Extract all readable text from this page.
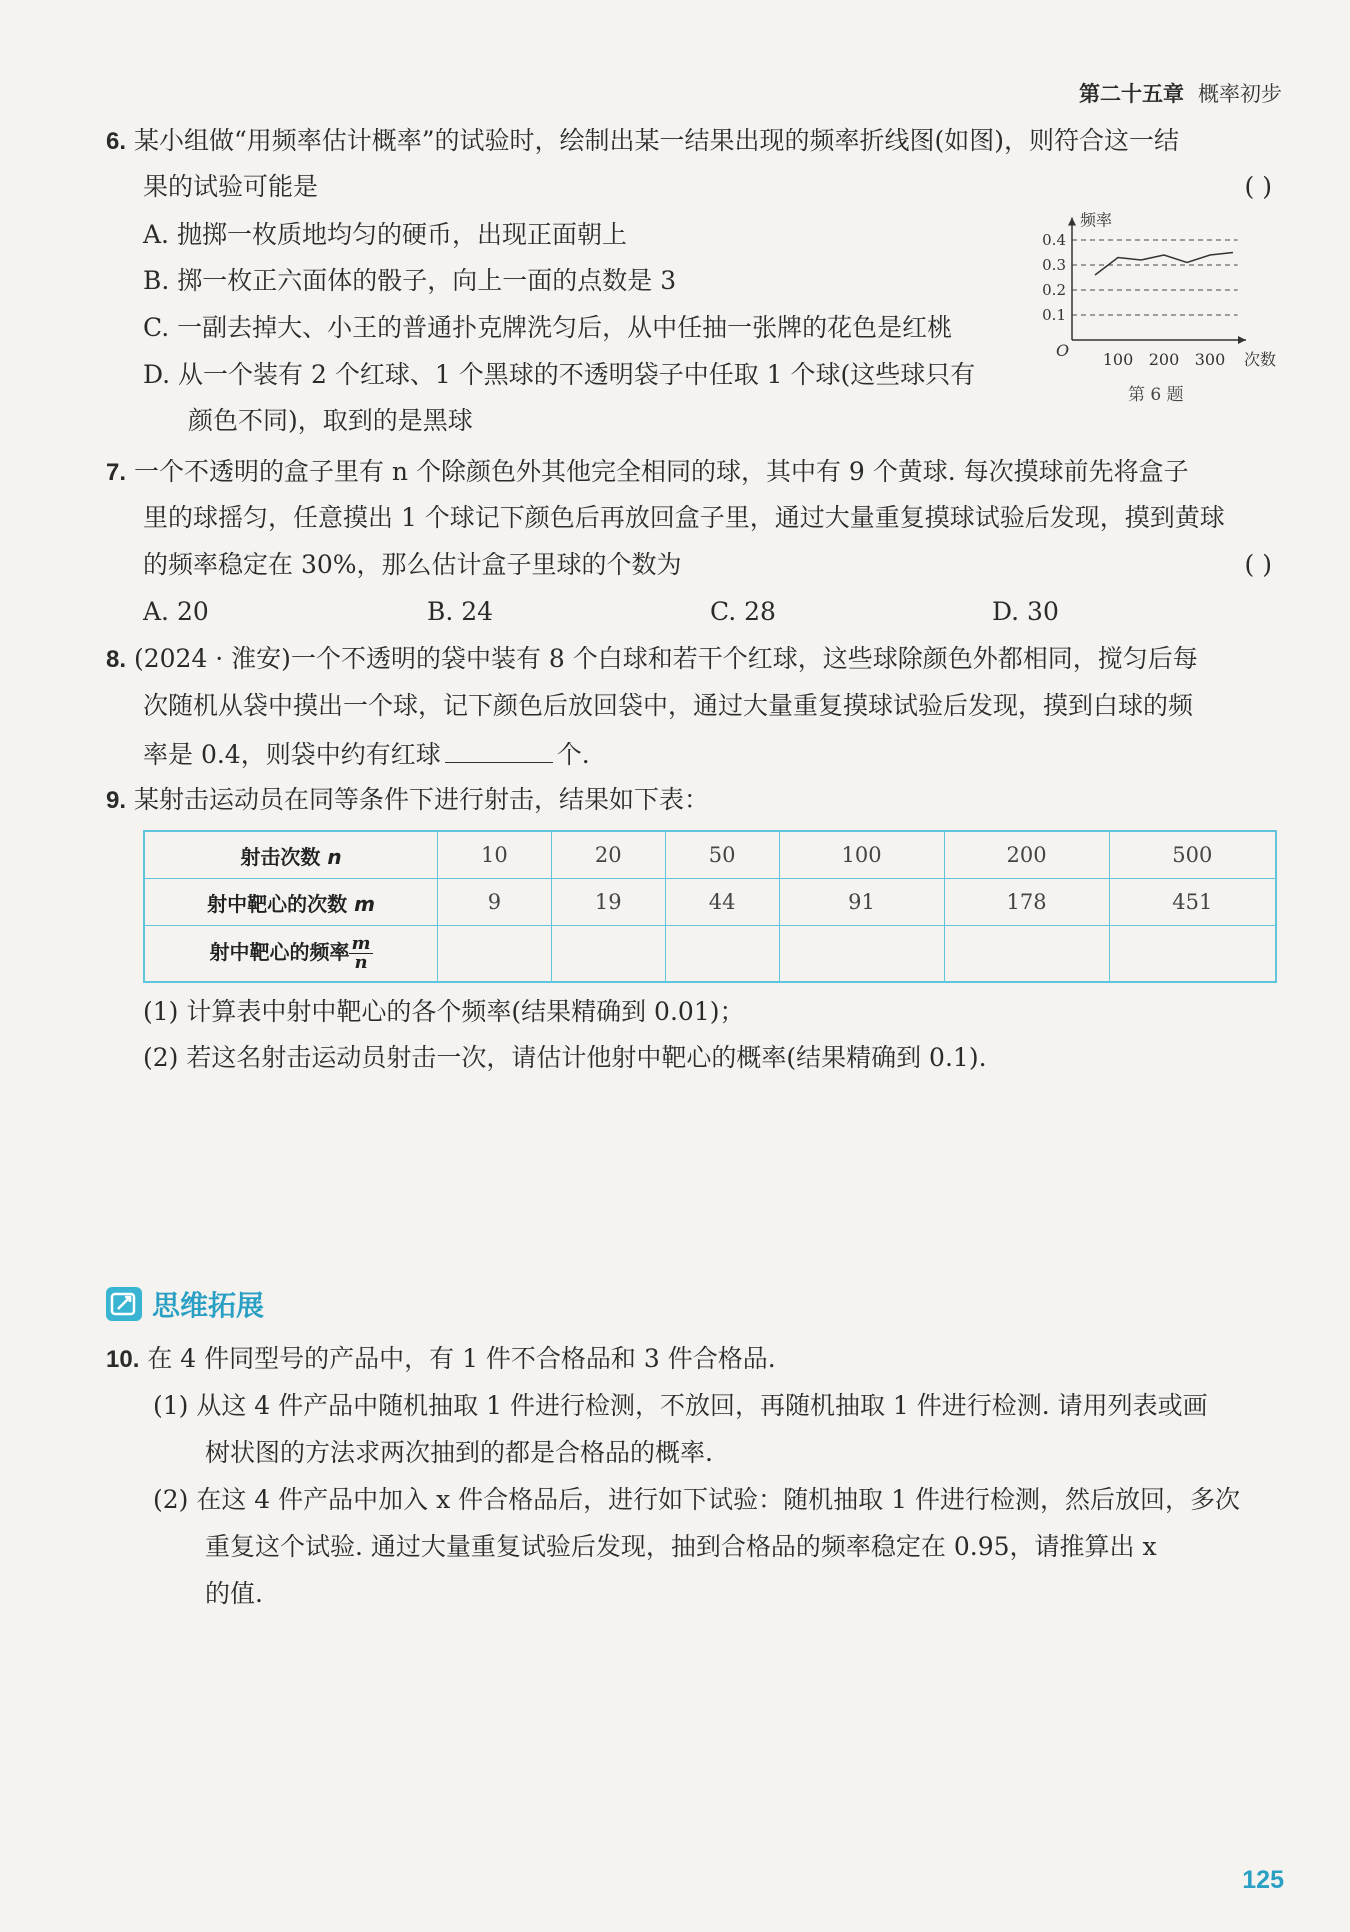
第二十五章 概率初步
6. 某小组做“用频率估计概率”的试验时，绘制出某一结果出现的频率折线图(如图)，则符合这一结
果的试验可能是	( )
A. 抛掷一枚质地均匀的硬币，出现正面朝上
B. 掷一枚正六面体的骰子，向上一面的点数是 3
C. 一副去掉大、小王的普通扑克牌洗匀后，从中任抽一张牌的花色是红桃
D. 从一个装有 2 个红球、1 个黑球的不透明袋子中任取 1 个球(这些球只有
颜色不同)，取到的是黑球
0.1
0.2
0.3
0.4
100 200 300
频率
次数
O
第 6 题
7. 一个不透明的盒子里有 n 个除颜色外其他完全相同的球，其中有 9 个黄球. 每次摸球前先将盒子
里的球摇匀，任意摸出 1 个球记下颜色后再放回盒子里，通过大量重复摸球试验后发现，摸到黄球
的频率稳定在 30%，那么估计盒子里球的个数为	( )
A. 20	B. 24	C. 28	D. 30
8. (2024 · 淮安)一个不透明的袋中装有 8 个白球和若干个红球，这些球除颜色外都相同，搅匀后每
次随机从袋中摸出一个球，记下颜色后放回袋中，通过大量重复摸球试验后发现，摸到白球的频
率是 0.4，则袋中约有红球	个.
9. 某射击运动员在同等条件下进行射击，结果如下表：
射击次数 n	10	20	50	100	200	500
射中靶心的次数 m	9	19	44	91	178	451
射中靶心的频率 $\frac{m}{n}$

(1) 计算表中射中靶心的各个频率(结果精确到 0.01)；
(2) 若这名射击运动员射击一次，请估计他射中靶心的概率(结果精确到 0.1).
思维拓展
10. 在 4 件同型号的产品中，有 1 件不合格品和 3 件合格品.
(1) 从这 4 件产品中随机抽取 1 件进行检测，不放回，再随机抽取 1 件进行检测. 请用列表或画
树状图的方法求两次抽到的都是合格品的概率.
(2) 在这 4 件产品中加入 x 件合格品后，进行如下试验：随机抽取 1 件进行检测，然后放回，多次
重复这个试验. 通过大量重复试验后发现，抽到合格品的频率稳定在 0.95，请推算出 x
的值.
125
